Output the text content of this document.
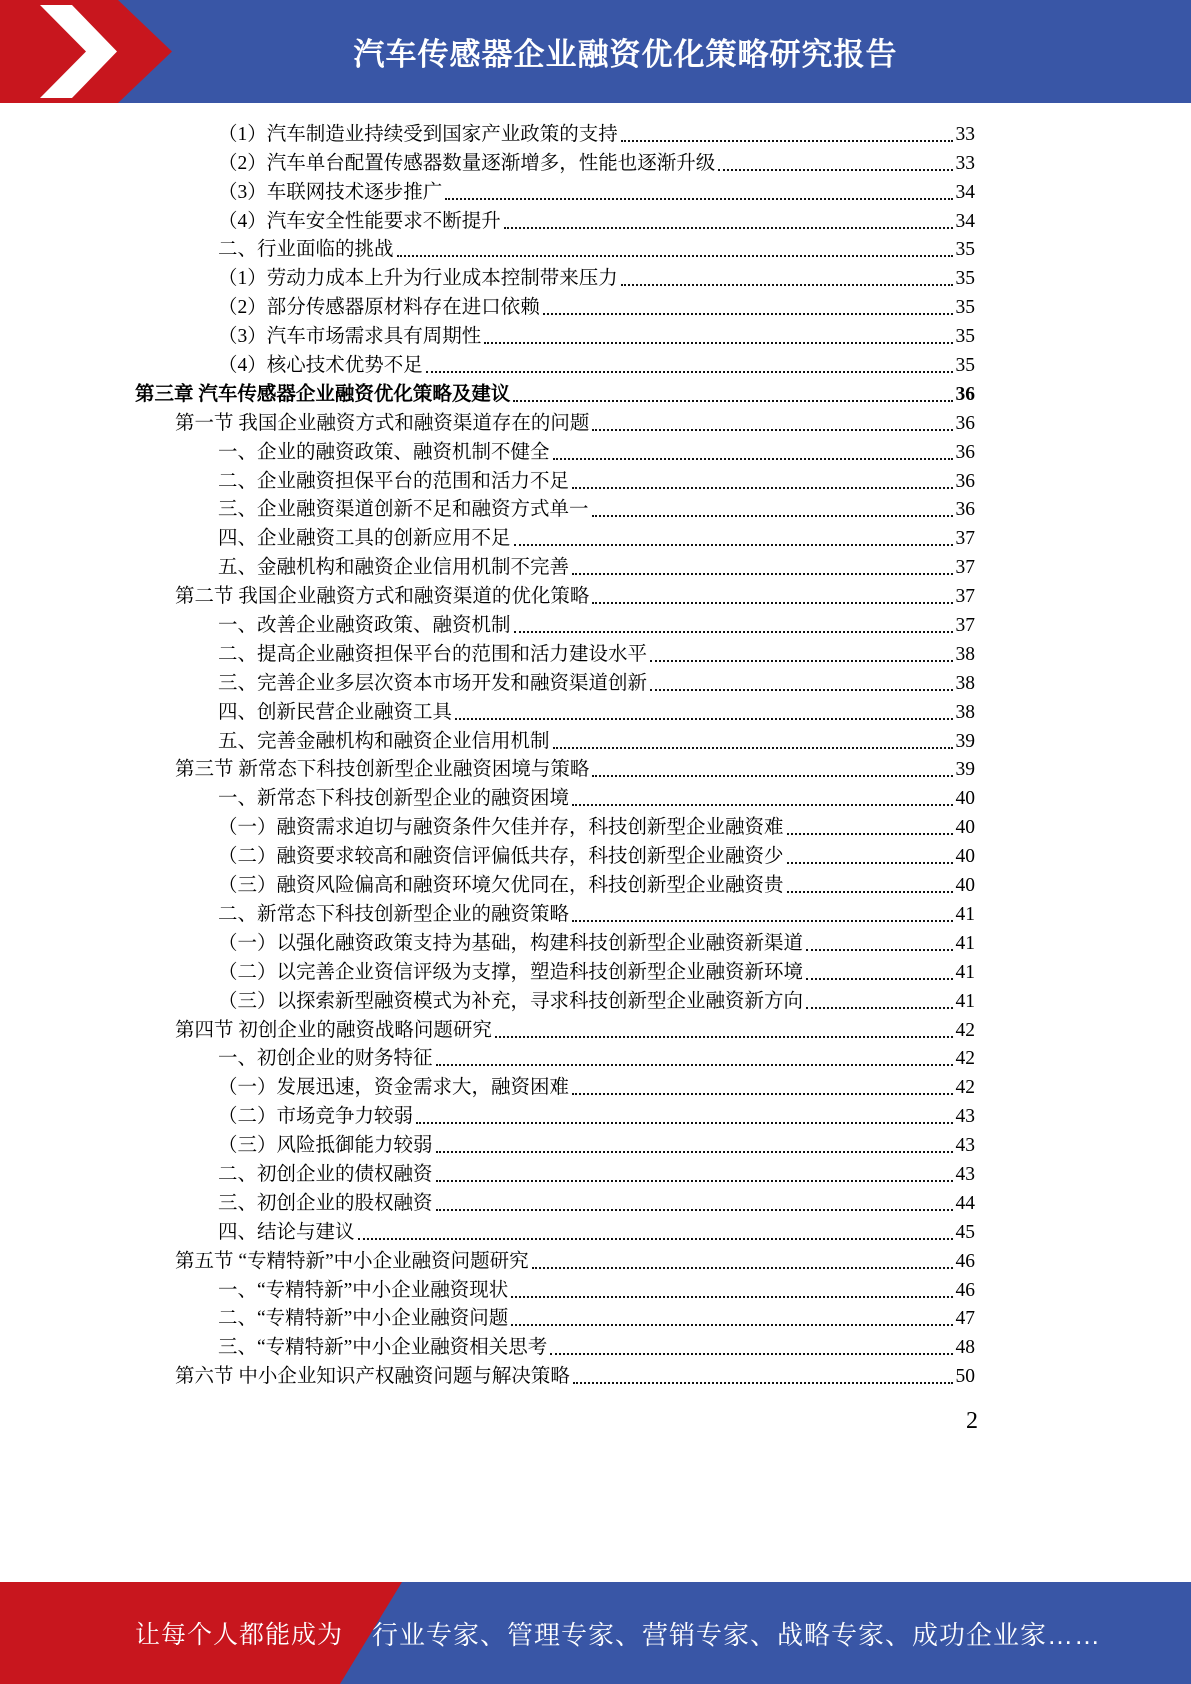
汽车传感器企业融资优化策略研究报告
（1）汽车制造业持续受到国家产业政策的支持	33
（2）汽车单台配置传感器数量逐渐增多，性能也逐渐升级	33
（3）车联网技术逐步推广	34
（4）汽车安全性能要求不断提升	34
二、行业面临的挑战	35
（1）劳动力成本上升为行业成本控制带来压力	35
（2）部分传感器原材料存在进口依赖	35
（3）汽车市场需求具有周期性	35
（4）核心技术优势不足	35
第三章 汽车传感器企业融资优化策略及建议	36
第一节 我国企业融资方式和融资渠道存在的问题	36
一、企业的融资政策、融资机制不健全	36
二、企业融资担保平台的范围和活力不足	36
三、企业融资渠道创新不足和融资方式单一	36
四、企业融资工具的创新应用不足	37
五、金融机构和融资企业信用机制不完善	37
第二节 我国企业融资方式和融资渠道的优化策略	37
一、改善企业融资政策、融资机制	37
二、提高企业融资担保平台的范围和活力建设水平	38
三、完善企业多层次资本市场开发和融资渠道创新	38
四、创新民营企业融资工具	38
五、完善金融机构和融资企业信用机制	39
第三节 新常态下科技创新型企业融资困境与策略	39
一、新常态下科技创新型企业的融资困境	40
（一）融资需求迫切与融资条件欠佳并存，科技创新型企业融资难	40
（二）融资要求较高和融资信评偏低共存，科技创新型企业融资少	40
（三）融资风险偏高和融资环境欠优同在，科技创新型企业融资贵	40
二、新常态下科技创新型企业的融资策略	41
（一）以强化融资政策支持为基础，构建科技创新型企业融资新渠道	41
（二）以完善企业资信评级为支撑，塑造科技创新型企业融资新环境	41
（三）以探索新型融资模式为补充，寻求科技创新型企业融资新方向	41
第四节 初创企业的融资战略问题研究	42
一、初创企业的财务特征	42
（一）发展迅速，资金需求大，融资困难	42
（二）市场竞争力较弱	43
（三）风险抵御能力较弱	43
二、初创企业的债权融资	43
三、初创企业的股权融资	44
四、结论与建议	45
第五节 “专精特新”中小企业融资问题研究	46
一、“专精特新”中小企业融资现状	46
二、“专精特新”中小企业融资问题	47
三、“专精特新”中小企业融资相关思考	48
第六节 中小企业知识产权融资问题与解决策略	50
2
让每个人都能成为 行业专家、管理专家、营销专家、战略专家、成功企业家……
